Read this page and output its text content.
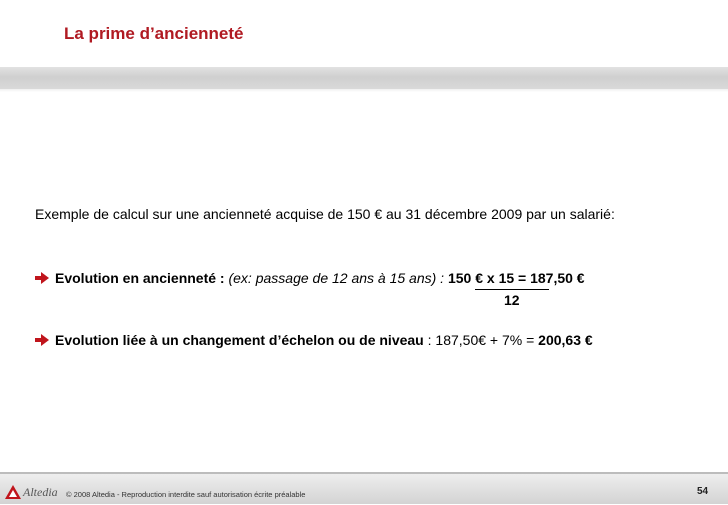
La prime d’ancienneté
Exemple de calcul sur une ancienneté acquise de 150 € au 31 décembre 2009 par un salarié:
Evolution en ancienneté : (ex: passage de 12 ans à 15 ans) : 150 € x 15 = 187,50 €
12
Evolution liée à un changement d’échelon ou de niveau : 187,50€ + 7% = 200,63 €
Altedia © 2008 Altedia - Reproduction interdite sauf autorisation écrite préalable	54
